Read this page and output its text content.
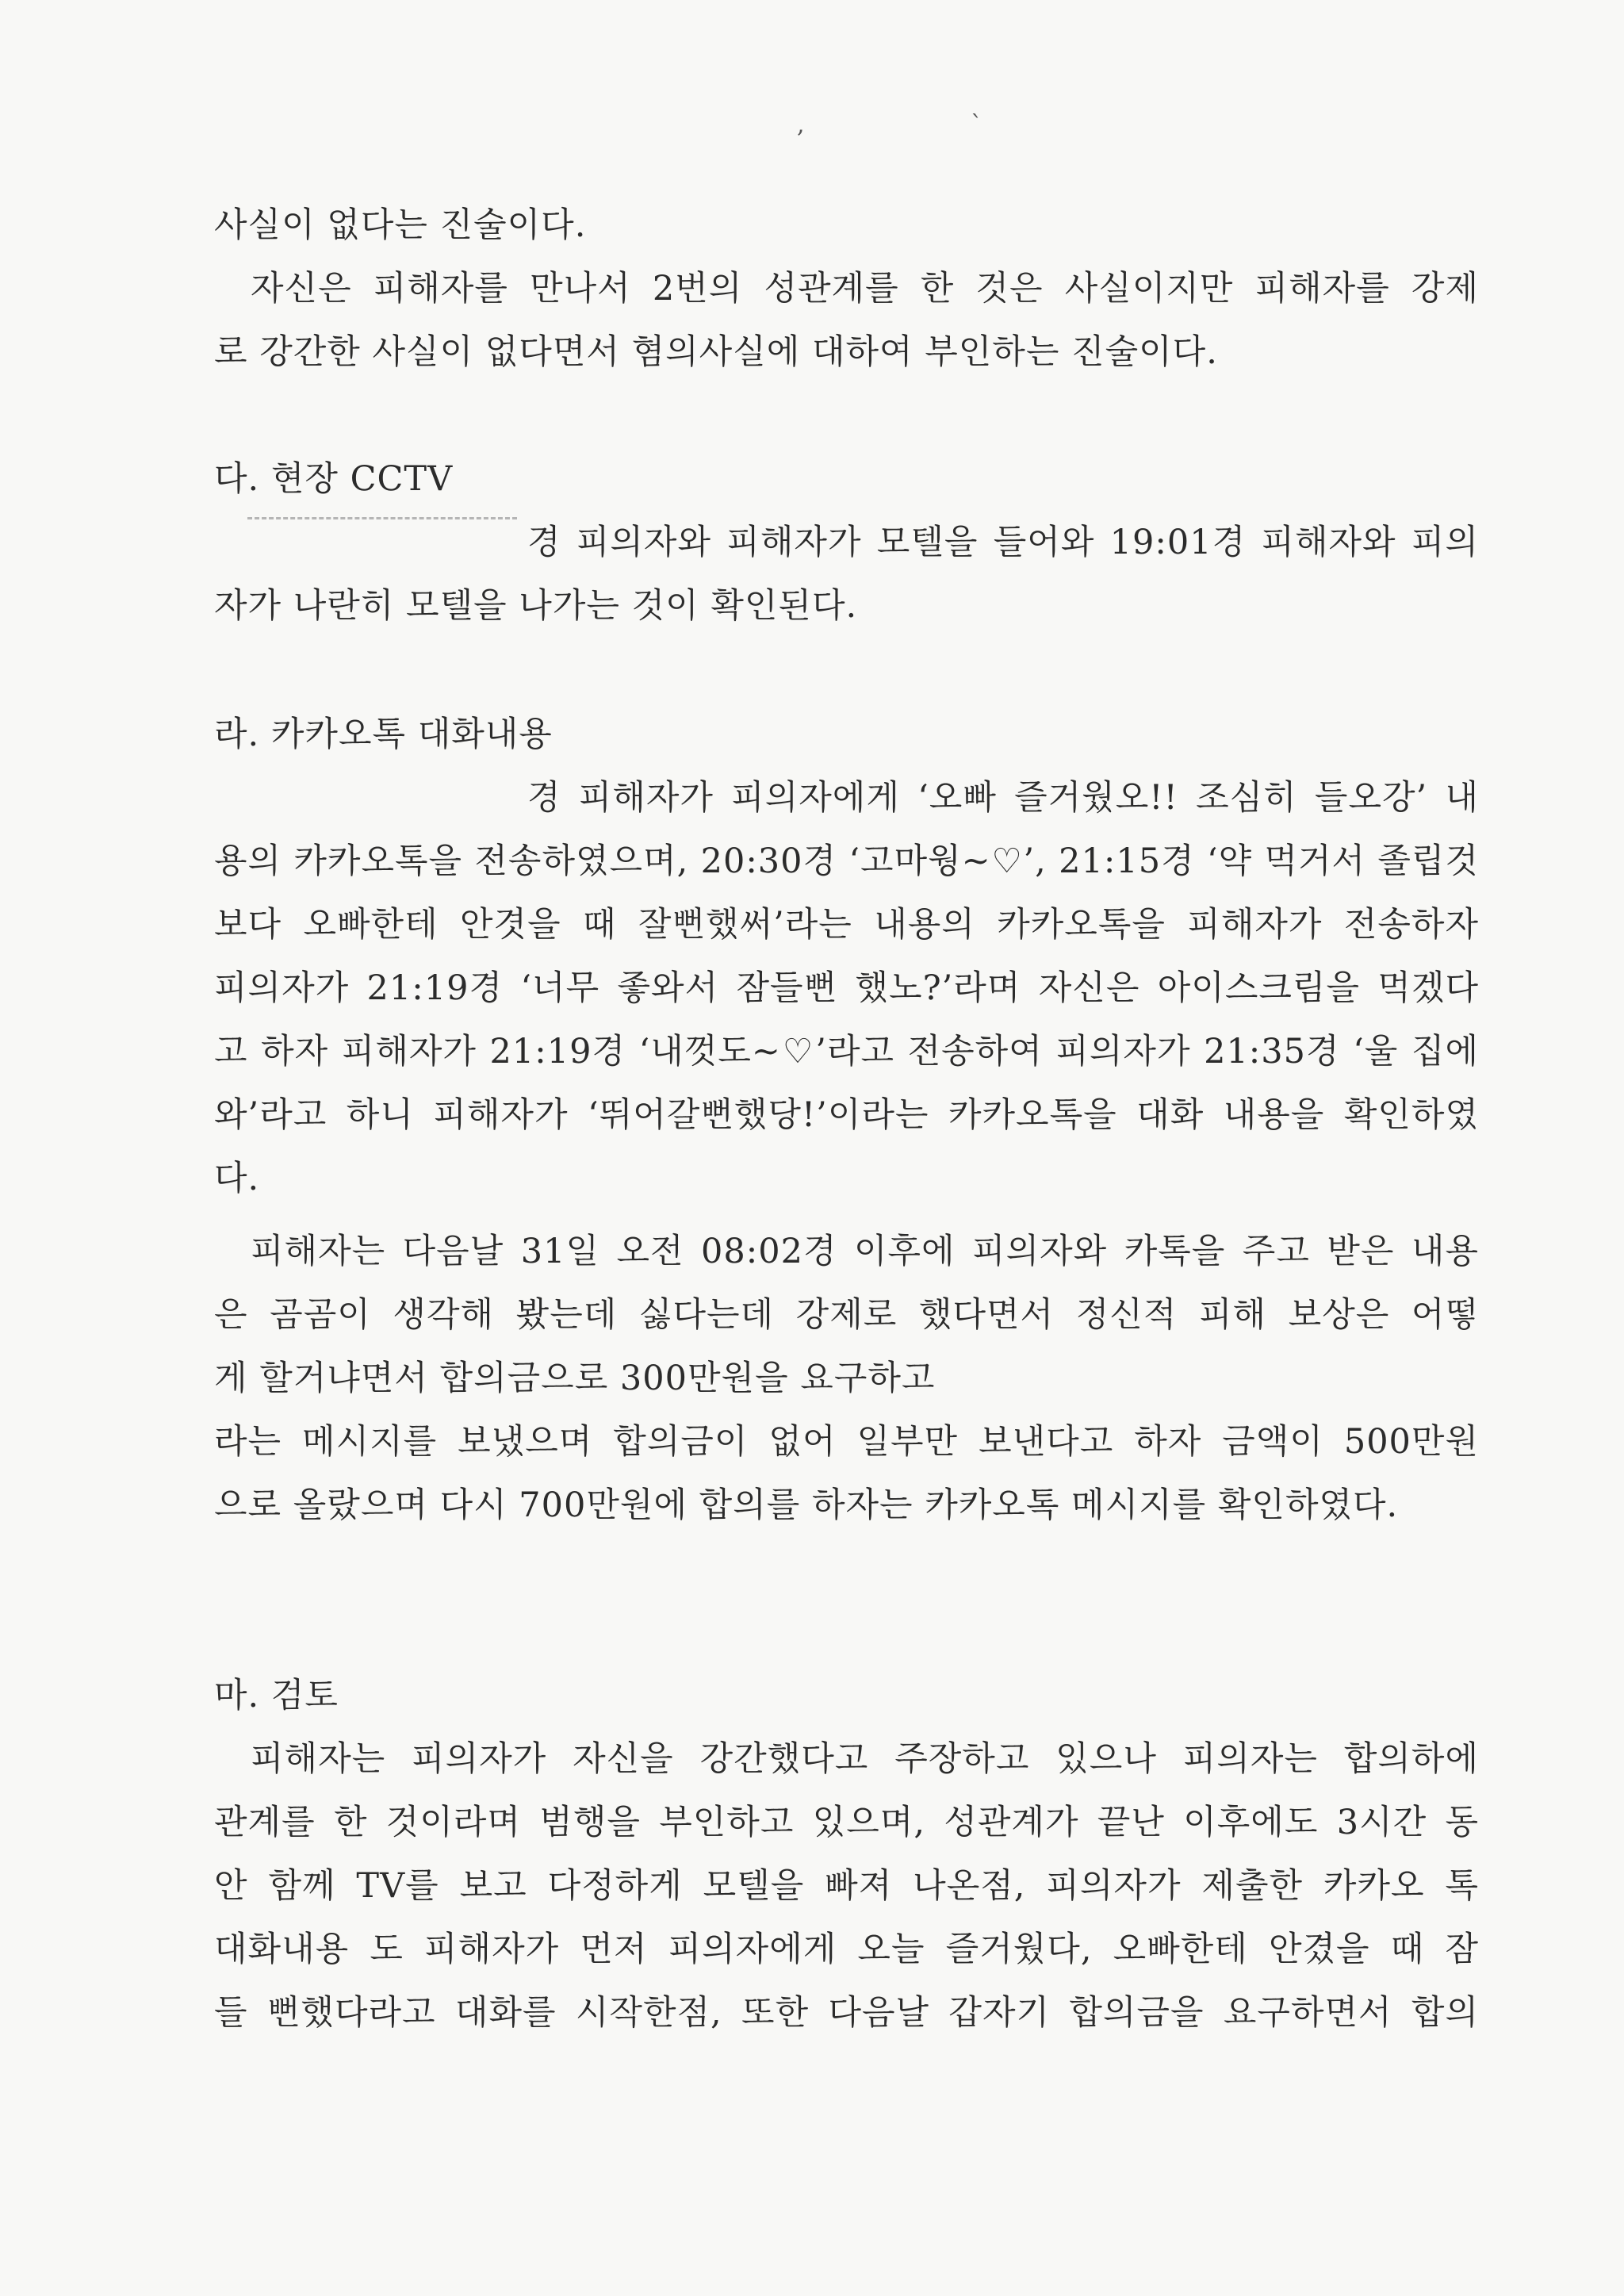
, ˋ
사실이 없다는 진술이다.
자신은 피해자를 만나서 2번의 성관계를 한 것은 사실이지만 피해자를 강제
로 강간한 사실이 없다면서 혐의사실에 대하여 부인하는 진술이다.
다. 현장 CCTV
경 피의자와 피해자가 모텔을 들어와 19:01경 피해자와 피의
자가 나란히 모텔을 나가는 것이 확인된다.
라. 카카오톡 대화내용
경 피해자가 피의자에게 ‘오빠 즐거웠오!! 조심히 들오강’ 내
용의 카카오톡을 전송하였으며, 20:30경 ‘고마웡~♡’, 21:15경 ‘약 먹거서 졸립것
보다 오빠한테 안겻을 때 잘뻔했써’라는 내용의 카카오톡을 피해자가 전송하자
피의자가 21:19경 ‘너무 좋와서 잠들뻔 했노?’라며 자신은 아이스크림을 먹겠다
고 하자 피해자가 21:19경 ‘내껏도~♡’라고 전송하여 피의자가 21:35경 ‘울 집에
와’라고 하니 피해자가 ‘뛰어갈뻔했당!’이라는 카카오톡을 대화 내용을 확인하였
다.
피해자는 다음날 31일 오전 08:02경 이후에 피의자와 카톡을 주고 받은 내용
은 곰곰이 생각해 봤는데 싫다는데 강제로 했다면서 정신적 피해 보상은 어떻
게 할거냐면서 합의금으로 300만원을 요구하고
라는 메시지를 보냈으며 합의금이 없어 일부만 보낸다고 하자 금액이 500만원
으로 올랐으며 다시 700만원에 합의를 하자는 카카오톡 메시지를 확인하였다.
마. 검토
피해자는 피의자가 자신을 강간했다고 주장하고 있으나 피의자는 합의하에
관계를 한 것이라며 범행을 부인하고 있으며, 성관계가 끝난 이후에도 3시간 동
안 함께 TV를 보고 다정하게 모텔을 빠져 나온점, 피의자가 제출한 카카오 톡
대화내용 도 피해자가 먼저 피의자에게 오늘 즐거웠다, 오빠한테 안겼을 때 잠
들 뻔했다라고 대화를 시작한점, 또한 다음날 갑자기 합의금을 요구하면서 합의
